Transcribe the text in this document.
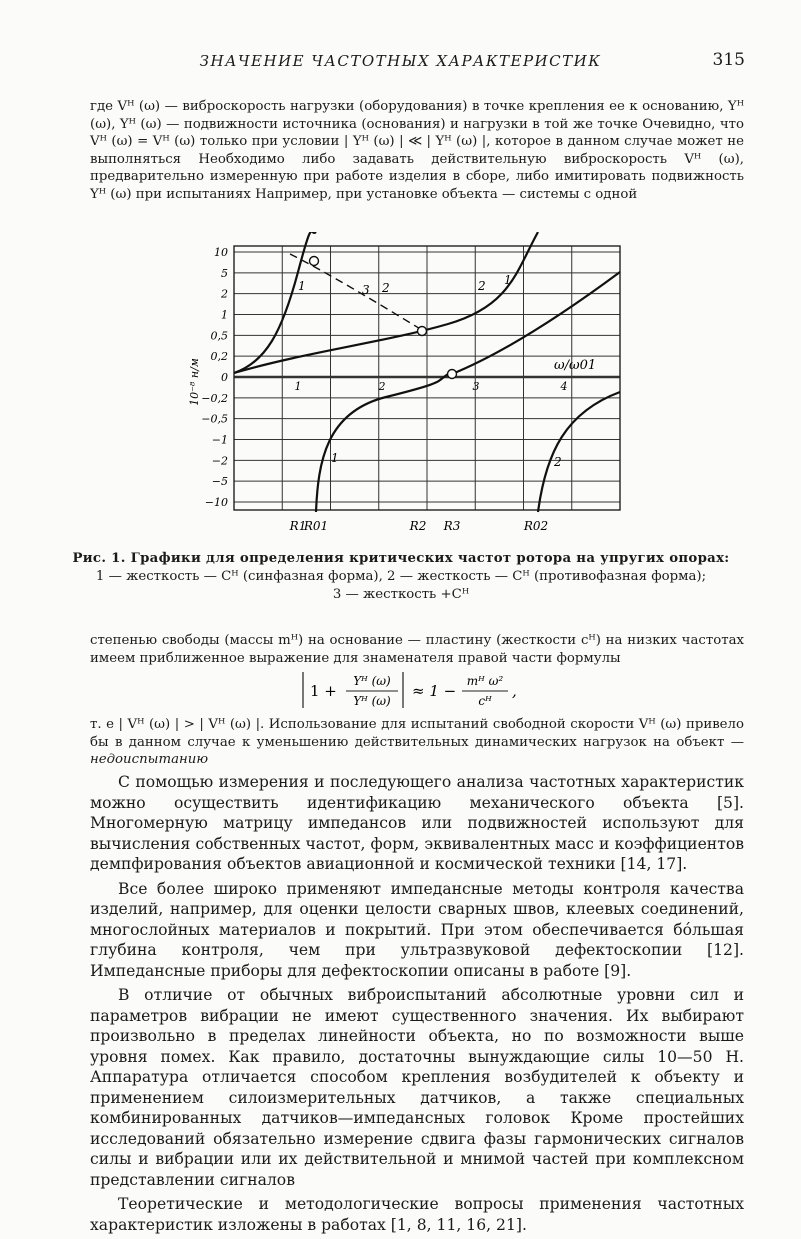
ЗНАЧЕНИЕ ЧАСТОТНЫХ ХАРАКТЕРИСТИК	315

где Vᴴ (ω) — виброскорость нагрузки (оборудования) в точке крепления ее к основанию, Yᴴ (ω), Yᴴ (ω) — подвижности источника (основания) и нагрузки в той же точке Очевидно, что Vᴴ (ω) = Vᴴ (ω) только при условии | Yᴴ (ω) | ≪ | Yᴴ (ω) |, которое в данном случае может не выполняться Необходимо либо задавать действительную виброскорость Vᴴ (ω), предварительно измеренную при работе изделия в сборе, либо имитировать подвижность Yᴴ (ω) при испытаниях Например, при установке объекта — системы с одной

10
5
2
1
0,5
0,2
0
−0,2
−0,5
−1
−2
−5
−10
10⁻⁸ н/м	ω/ω01
R1
R01	R2 R3	R02
1	2	3	4
1
1
1
2
2
2
3
Рис. 1. Графики для определения критических частот ротора на упругих опорах:
1 — жесткость — Cᴴ (синфазная форма), 2 — жесткость — Cᴴ (противофазная форма);
3 — жесткость +Cᴴ

степенью свободы (массы mᴴ) на основание — пластину (жесткости cᴴ) на низких частотах имеем приближенное выражение для знаменателя правой части формулы

1 +
Yᴴ (ω)
Yᴴ (ω)
≈ 1 −
mᴴ ω²
cᴴ
,

т. е | Vᴴ (ω) | > | Vᴴ (ω) |. Использование для испытаний свободной скорости Vᴴ (ω) привело бы в данном случае к уменьшению действительных динамических нагрузок на объект — недоиспытанию

С помощью измерения и последующего анализа частотных характеристик можно осуществить идентификацию механического объекта [5]. Многомерную матрицу импедансов или подвижностей используют для вычисления собственных частот, форм, эквивалентных масс и коэффициентов демпфирования объектов авиационной и космической техники [14, 17].

Все более широко применяют импедансные методы контроля качества изделий, например, для оценки целости сварных швов, клеевых соединений, многослойных материалов и покрытий. При этом обеспечивается бо́льшая глубина контроля, чем при ультразвуковой дефектоскопии [12]. Импедансные приборы для дефектоскопии описаны в работе [9].

В отличие от обычных виброиспытаний абсолютные уровни сил и параметров вибрации не имеют существенного значения. Их выбирают произвольно в пределах линейности объекта, но по возможности выше уровня помех. Как правило, достаточны вынуждающие силы 10—50 Н. Аппаратура отличается способом крепления возбудителей к объекту и применением силоизмерительных датчиков, а также специальных комбинированных датчиков—импедансных головок Кроме простейших исследований обязательно измерение сдвига фазы гармонических сигналов силы и вибрации или их действительной и мнимой частей при комплексном представлении сигналов

Теоретические и методологические вопросы применения частотных характеристик изложены в работах [1, 8, 11, 16, 21].
